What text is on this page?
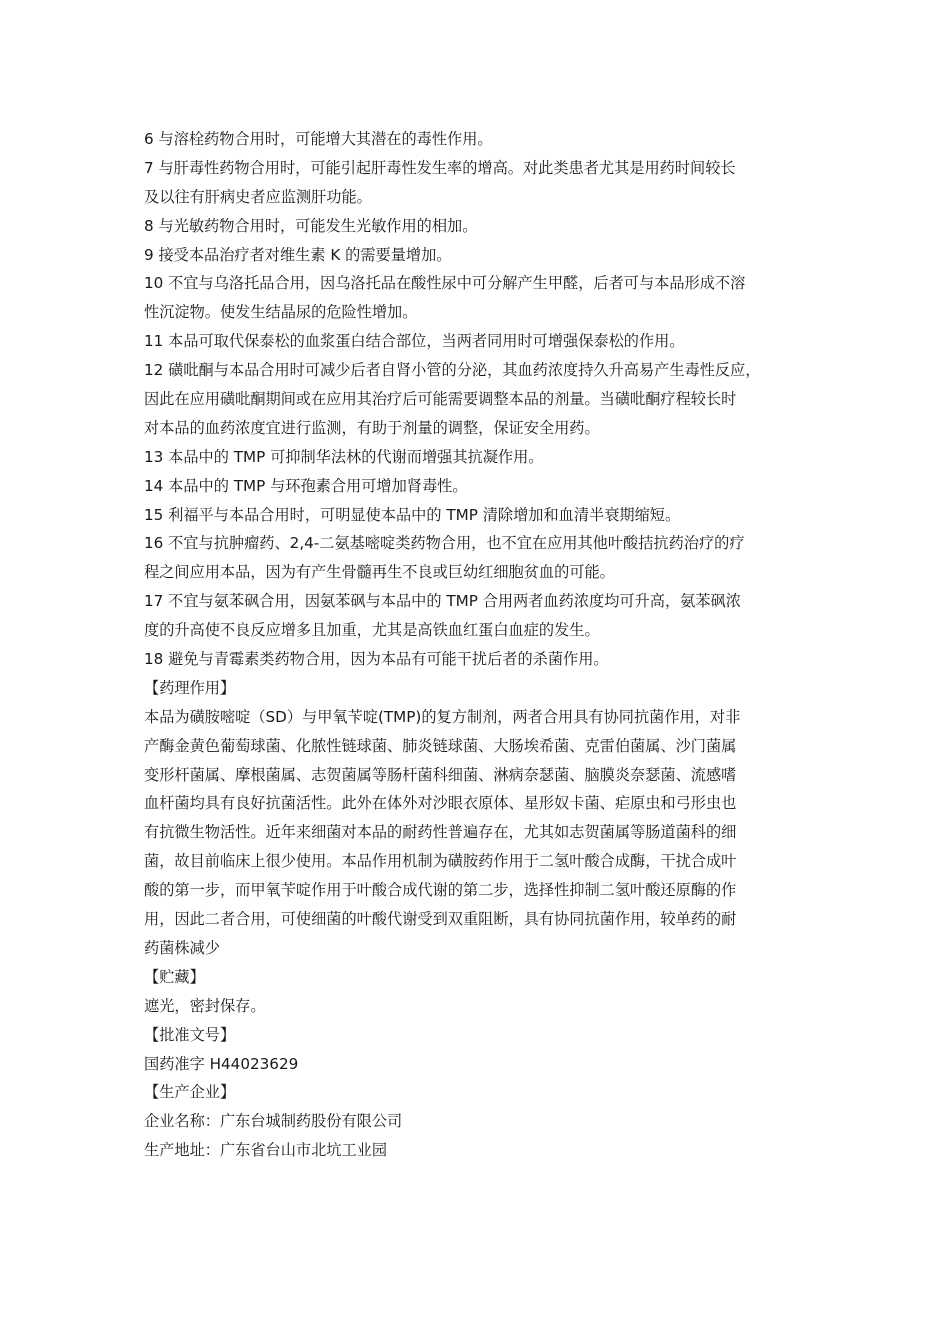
6 与溶栓药物合用时，可能增大其潜在的毒性作用。
7 与肝毒性药物合用时，可能引起肝毒性发生率的增高。对此类患者尤其是用药时间较长
及以往有肝病史者应监测肝功能。
8 与光敏药物合用时，可能发生光敏作用的相加。
9 接受本品治疗者对维生素 K 的需要量增加。
10 不宜与乌洛托品合用，因乌洛托品在酸性尿中可分解产生甲醛，后者可与本品形成不溶
性沉淀物。使发生结晶尿的危险性增加。
11 本品可取代保泰松的血浆蛋白结合部位，当两者同用时可增强保泰松的作用。
12 磺吡酮与本品合用时可减少后者自肾小管的分泌，其血药浓度持久升高易产生毒性反应，
因此在应用磺吡酮期间或在应用其治疗后可能需要调整本品的剂量。当磺吡酮疗程较长时
对本品的血药浓度宜进行监测，有助于剂量的调整，保证安全用药。
13 本品中的 TMP 可抑制华法林的代谢而增强其抗凝作用。
14 本品中的 TMP 与环孢素合用可增加肾毒性。
15 利福平与本品合用时，可明显使本品中的 TMP 清除增加和血清半衰期缩短。
16 不宜与抗肿瘤药、2,4-二氨基嘧啶类药物合用，也不宜在应用其他叶酸拮抗药治疗的疗
程之间应用本品，因为有产生骨髓再生不良或巨幼红细胞贫血的可能。
17 不宜与氨苯砜合用，因氨苯砜与本品中的 TMP 合用两者血药浓度均可升高，氨苯砜浓
度的升高使不良反应增多且加重，尤其是高铁血红蛋白血症的发生。
18 避免与青霉素类药物合用，因为本品有可能干扰后者的杀菌作用。
【药理作用】
本品为磺胺嘧啶（SD）与甲氧苄啶(TMP)的复方制剂，两者合用具有协同抗菌作用，对非
产酶金黄色葡萄球菌、化脓性链球菌、肺炎链球菌、大肠埃希菌、克雷伯菌属、沙门菌属
变形杆菌属、摩根菌属、志贺菌属等肠杆菌科细菌、淋病奈瑟菌、脑膜炎奈瑟菌、流感嗜
血杆菌均具有良好抗菌活性。此外在体外对沙眼衣原体、星形奴卡菌、疟原虫和弓形虫也
有抗微生物活性。近年来细菌对本品的耐药性普遍存在，尤其如志贺菌属等肠道菌科的细
菌，故目前临床上很少使用。本品作用机制为磺胺药作用于二氢叶酸合成酶，干扰合成叶
酸的第一步，而甲氧苄啶作用于叶酸合成代谢的第二步，选择性抑制二氢叶酸还原酶的作
用，因此二者合用，可使细菌的叶酸代谢受到双重阻断，具有协同抗菌作用，较单药的耐
药菌株减少
【贮藏】
遮光，密封保存。
【批准文号】
国药准字 H44023629
【生产企业】
企业名称：广东台城制药股份有限公司
生产地址：广东省台山市北坑工业园
